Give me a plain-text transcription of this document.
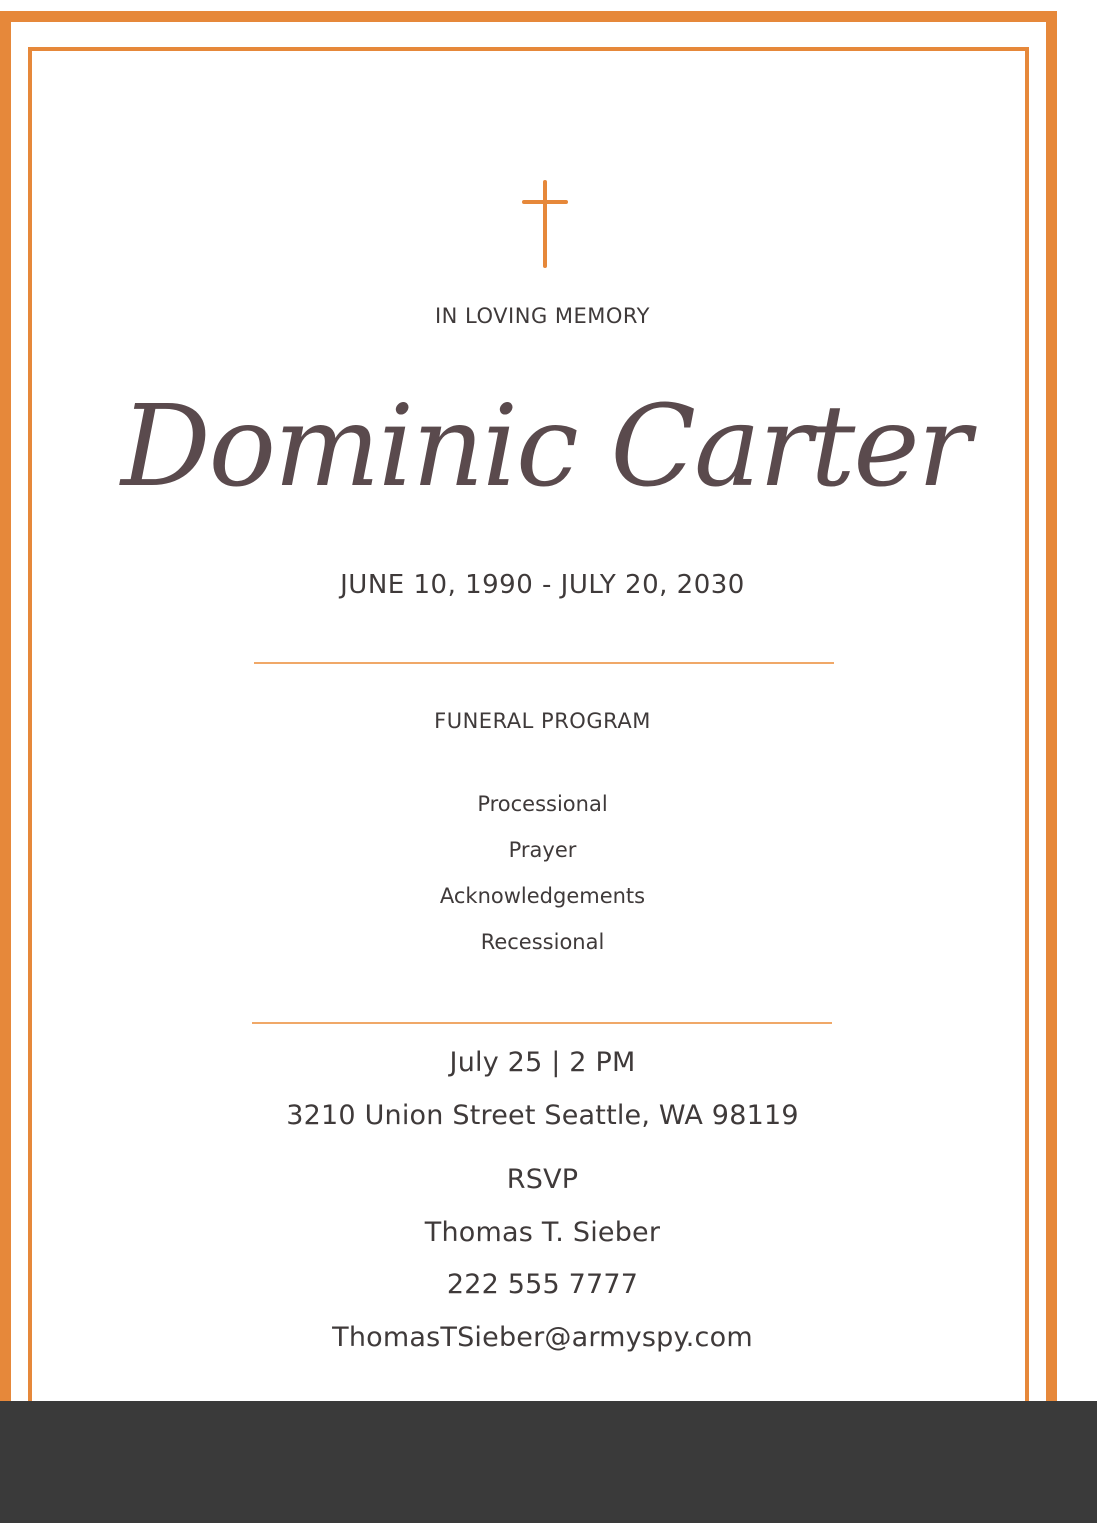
IN LOVING MEMORY
Dominic Carter
JUNE 10, 1990 - JULY 20, 2030
FUNERAL PROGRAM
Processional
Prayer
Acknowledgements
Recessional
July 25 | 2 PM
3210 Union Street Seattle, WA 98119
RSVP
Thomas T. Sieber
222 555 7777
ThomasTSieber@armyspy.com
